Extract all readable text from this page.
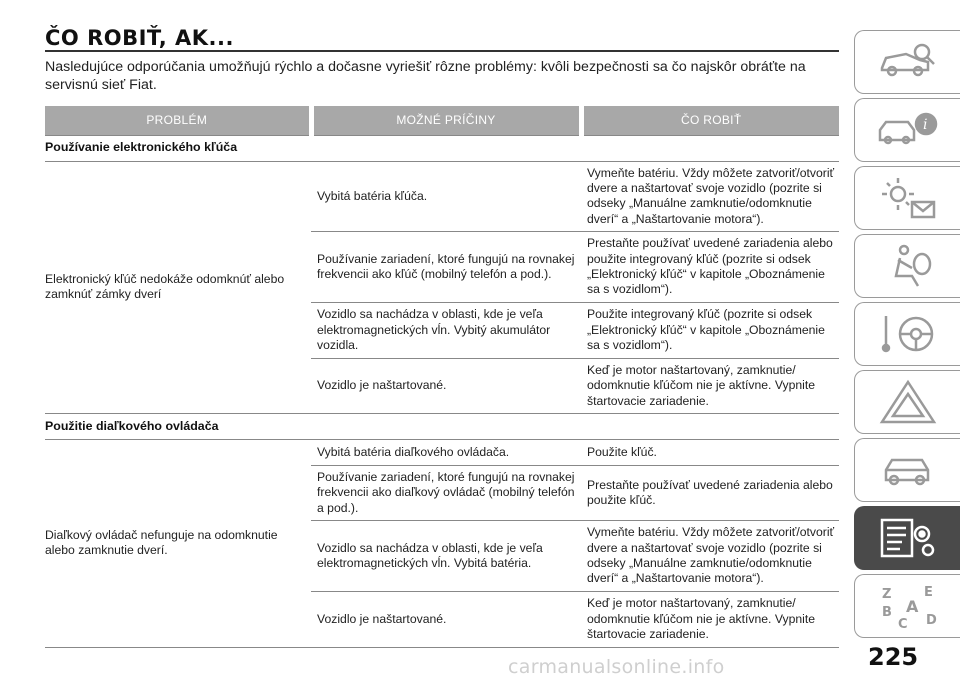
ČO ROBIŤ, AK...

Nasledujúce odporúčania umožňujú rýchlo a dočasne vyriešiť rôzne problémy: kvôli bezpečnosti sa čo najskôr obráťte na servisnú sieť Fiat.

PROBLÉM	MOŽNÉ PRÍČINY	ČO ROBIŤ
Používanie elektronického kľúča		
Elektronický kľúč nedokáže odomknúť alebo zamknúť zámky dverí	Vybitá batéria kľúča.	Vymeňte batériu. Vždy môžete zatvoriť/otvoriť dvere a naštartovať svoje vozidlo (pozrite si odseky „Manuálne zamknutie/odomknutie dverí“ a „Naštartovanie motora“).
	Používanie zariadení, ktoré fungujú na rovnakej frekvencii ako kľúč (mobilný telefón a pod.).	Prestaňte používať uvedené zariadenia alebo použite integrovaný kľúč (pozrite si odsek „Elektronický kľúč“ v kapitole „Oboznámenie sa s vozidlom“).
	Vozidlo sa nachádza v oblasti, kde je veľa elektromagnetických vĺn. Vybitý akumulátor vozidla.	Použite integrovaný kľúč (pozrite si odsek „Elektronický kľúč“ v kapitole „Oboznámenie sa s vozidlom“).
	Vozidlo je naštartované.	Keď je motor naštartovaný, zamknutie/ odomknutie kľúčom nie je aktívne. Vypnite štartovacie zariadenie.
Použitie diaľkového ovládača		
Diaľkový ovládač nefunguje na odomknutie alebo zamknutie dverí.	Vybitá batéria diaľkového ovládača.	Použite kľúč.
	Používanie zariadení, ktoré fungujú na rovnakej frekvencii ako diaľkový ovládač (mobilný telefón a pod.).	Prestaňte používať uvedené zariadenia alebo použite kľúč.
	Vozidlo sa nachádza v oblasti, kde je veľa elektromagnetických vĺn. Vybitá batéria.	Vymeňte batériu. Vždy môžete zatvoriť/otvoriť dvere a naštartovať svoje vozidlo (pozrite si odseky „Manuálne zamknutie/odomknutie dverí“ a „Naštartovanie motora“).
	Vozidlo je naštartované.	Keď je motor naštartovaný, zamknutie/ odomknutie kľúčom nie je aktívne. Vypnite štartovacie zariadenie.
i
Z	E
A
B
C D
225
carmanualsonline.info
